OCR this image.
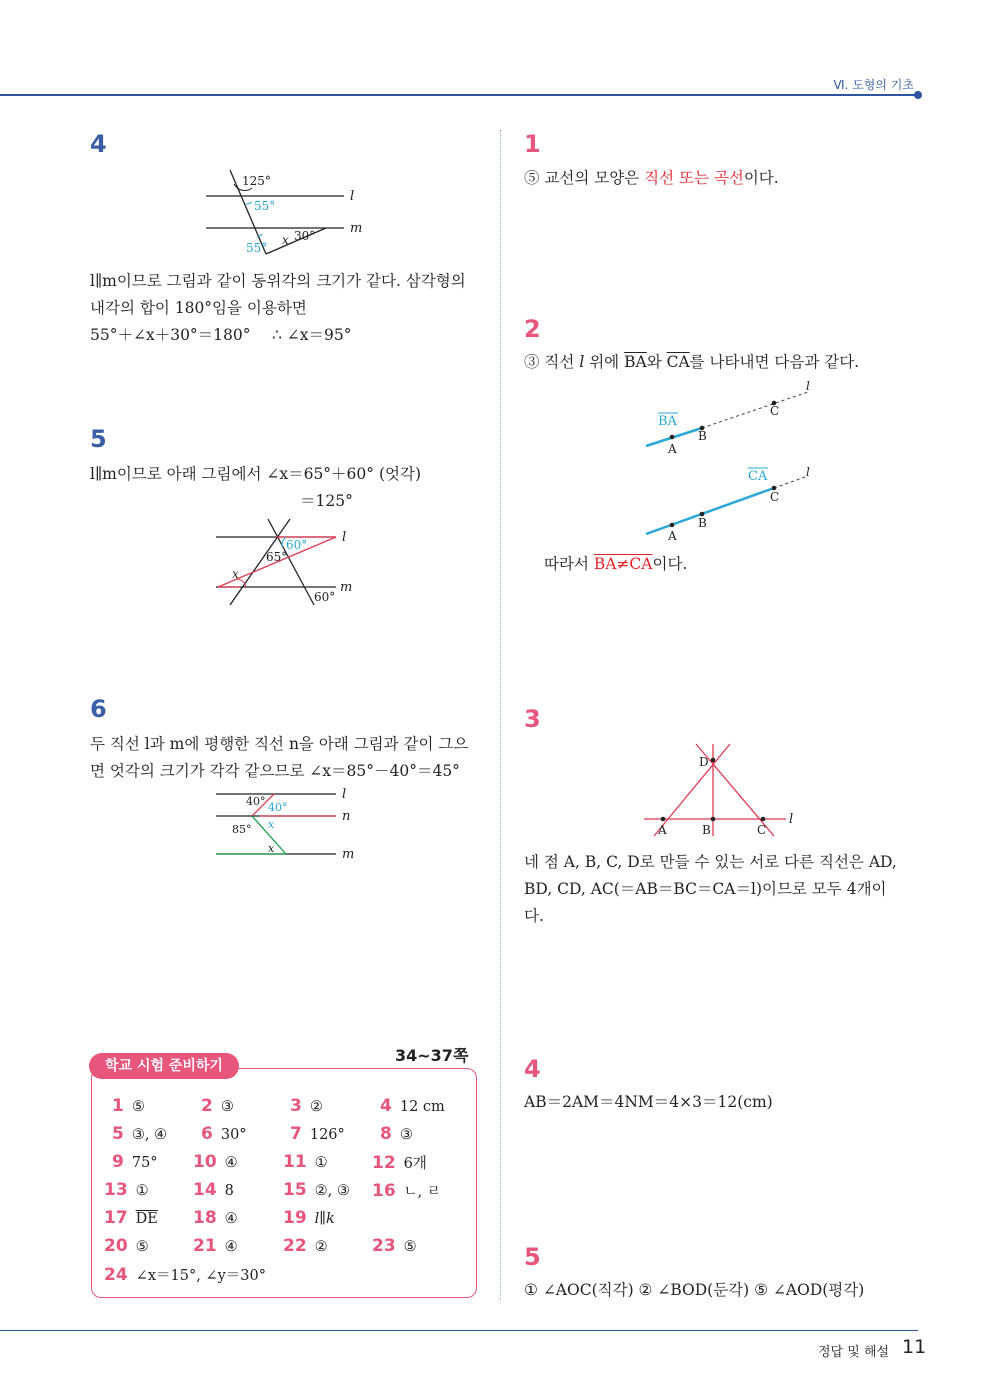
Ⅵ. 도형의 기초
정답 및 해설 11
4
125°
55°
55°
30°
x
l
m
l∥m이므로 그림과 같이 동위각의 크기가 같다. 삼각형의
내각의 합이 180°임을 이용하면
55°＋∠x＋30°＝180° ∴ ∠x＝95°
5
l∥m이므로 아래 그림에서 ∠x＝65°＋60° (엇각)
＝125°
60°
65°
60°
x
l
m
6
두 직선 l과 m에 평행한 직선 n을 아래 그림과 같이 그으
면 엇각의 크기가 각각 같으므로 ∠x＝85°－40°＝45°
40° 40°
85° x
x
l
n
m
34~37쪽
학교 시험 준비하기
1 ⑤	2 ③	3 ②	4 12 cm
5 ③, ④ 6 30°	7 126° 8 ③
9 75° 10 ④	11 ①	12 6개
13 ①	14 8	15 ②, ③ 16 ㄴ, ㄹ
17 $\overline{DE}$ 18 ④	19 l∥k
20 ⑤	21 ④	22 ②	23 ⑤
24 ∠x＝15°, ∠y＝30°
1
⑤ 교선의 모양은 직선 또는 곡선이다.
2
③ 직선 l 위에 $\overline{BA}$와 $\overline{CA}$를 나타내면 다음과 같다.
BA
A
B
C
l
CA
A
B
C
l
따라서 BA≠CA이다.
3
A	B	C
D
l
네 점 A, B, C, D로 만들 수 있는 서로 다른 직선은 AD,
BD, CD, AC(＝AB＝BC＝CA＝l)이므로 모두 4개이
다.
4
AB＝2AM＝4NM＝4×3＝12(cm)
5
① ∠AOC(직각) ② ∠BOD(둔각) ⑤ ∠AOD(평각)
